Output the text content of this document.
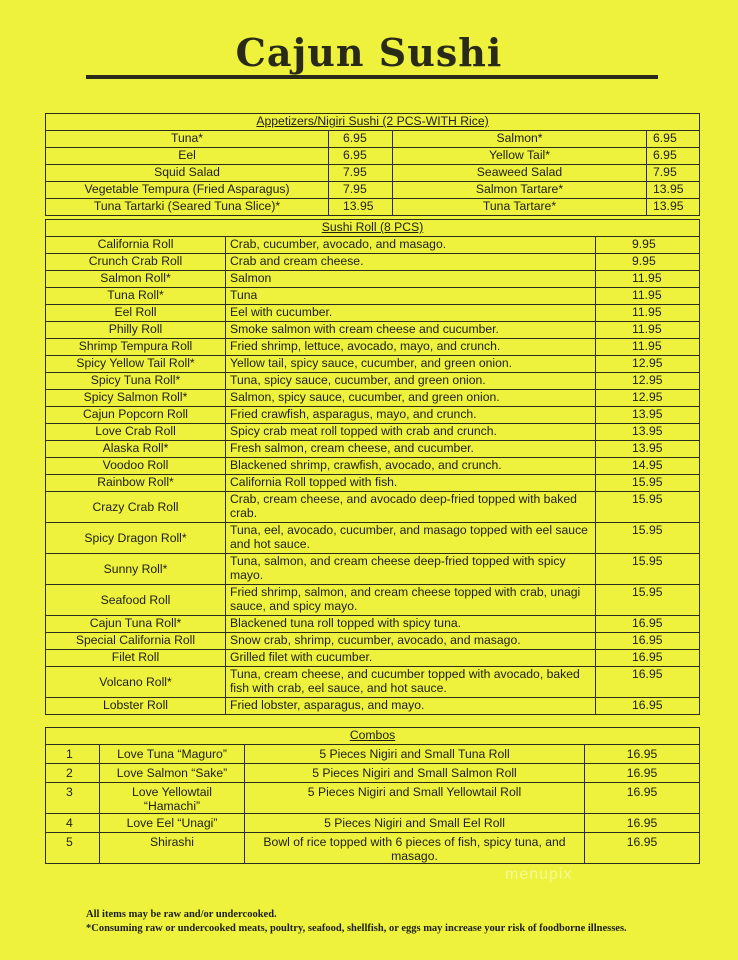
Cajun Sushi
Appetizers/Nigiri Sushi (2 PCS-WITH Rice)			
Tuna*	6.95	Salmon*	6.95
Eel	6.95	Yellow Tail*	6.95
Squid Salad	7.95	Seaweed Salad	7.95
Vegetable Tempura (Fried Asparagus)	7.95	Salmon Tartare*	13.95
Tuna Tartarki (Seared Tuna Slice)*	13.95	Tuna Tartare*	13.95
Sushi Roll (8 PCS)		
California Roll	Crab, cucumber, avocado, and masago.	9.95
Crunch Crab Roll	Crab and cream cheese.	9.95
Salmon Roll*	Salmon	11.95
Tuna Roll*	Tuna	11.95
Eel Roll	Eel with cucumber.	11.95
Philly Roll	Smoke salmon with cream cheese and cucumber.	11.95
Shrimp Tempura Roll	Fried shrimp, lettuce, avocado, mayo, and crunch.	11.95
Spicy Yellow Tail Roll*	Yellow tail, spicy sauce, cucumber, and green onion.	12.95
Spicy Tuna Roll*	Tuna, spicy sauce, cucumber, and green onion.	12.95
Spicy Salmon Roll*	Salmon, spicy sauce, cucumber, and green onion.	12.95
Cajun Popcorn Roll	Fried crawfish, asparagus, mayo, and crunch.	13.95
Love Crab Roll	Spicy crab meat roll topped with crab and crunch.	13.95
Alaska Roll*	Fresh salmon, cream cheese, and cucumber.	13.95
Voodoo Roll	Blackened shrimp, crawfish, avocado, and crunch.	14.95
Rainbow Roll*	California Roll topped with fish.	15.95
Crazy Crab Roll	Crab, cream cheese, and avocado deep-fried topped with baked crab.	15.95
Spicy Dragon Roll*	Tuna, eel, avocado, cucumber, and masago topped with eel sauce and hot sauce.	15.95
Sunny Roll*	Tuna, salmon, and cream cheese deep-fried topped with spicy mayo.	15.95
Seafood Roll	Fried shrimp, salmon, and cream cheese topped with crab, unagi sauce, and spicy mayo.	15.95
Cajun Tuna Roll*	Blackened tuna roll topped with spicy tuna.	16.95
Special California Roll	Snow crab, shrimp, cucumber, avocado, and masago.	16.95
Filet Roll	Grilled filet with cucumber.	16.95
Volcano Roll*	Tuna, cream cheese, and cucumber topped with avocado, baked fish with crab, eel sauce, and hot sauce.	16.95
Lobster Roll	Fried lobster, asparagus, and mayo.	16.95
Combos			
1	Love Tuna “Maguro”	5 Pieces Nigiri and Small Tuna Roll	16.95
2	Love Salmon “Sake”	5 Pieces Nigiri and Small Salmon Roll	16.95
3	Love Yellowtail “Hamachi”	5 Pieces Nigiri and Small Yellowtail Roll	16.95
4	Love Eel “Unagi”	5 Pieces Nigiri and Small Eel Roll	16.95
5	Shirashi	Bowl of rice topped with 6 pieces of fish, spicy tuna, and masago.	16.95
menupix
All items may be raw and/or undercooked.
*Consuming raw or undercooked meats, poultry, seafood, shellfish, or eggs may increase your risk of foodborne illnesses.
